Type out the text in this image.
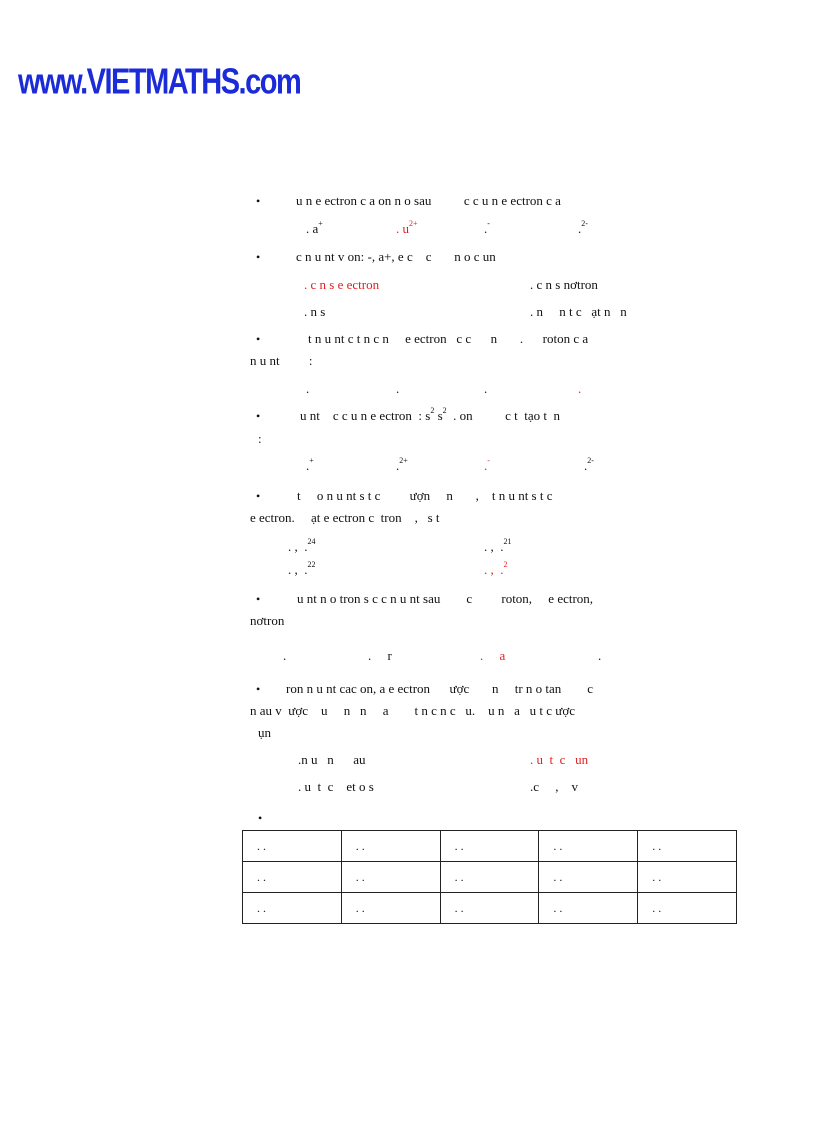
www.VIETMATHS.com
•	u n e ectron c a on n o sau          c c u n e ectron c a
. a+	. $u^{2+}$	.-	.$^{2-}$
•	c n u nt v on: -, a+, e c    c       n o c un
. c n s e ectron	. c n s nơtron
. n s	. n     n t c   ạt n   n
•	t n u nt c t n c n     e ectron   c c      n       .      roton c a
n u nt         :
.	.	.	.
•	u nt    c c u n e ectron  : $s^2$ $s^2$  . on          c t  tạo t  n
:
.+	.$^{2+}$	.-	.$^{2-}$
•	t     o n u nt s t c         ượn     n       ,    t n u nt s t c
e ectron.     ạt e ectron c  tron    ,   s t
. ,  .$^{24}$	. ,  .$^{21}$
. ,  .$^{22}$	. ,  .$^2$
•	u nt n o tron s c c n u nt sau        c         roton,     e ectron,
nơtron
.	.     r	.     a	.
• ron n u nt cac on, a e ectron      ược       n     tr n o tan        c
n au v  ược    u     n   n     a        t n c n c   u.    u n   a   u t c ược
ụn
.n u   n      au	. u  t  c   un
. u  t  c    et o s	.c     ,    v
•
. .	. .	. .	. .	. .
. .	. .	. .	. .	. .
. .	. .	. .	. .	. .
